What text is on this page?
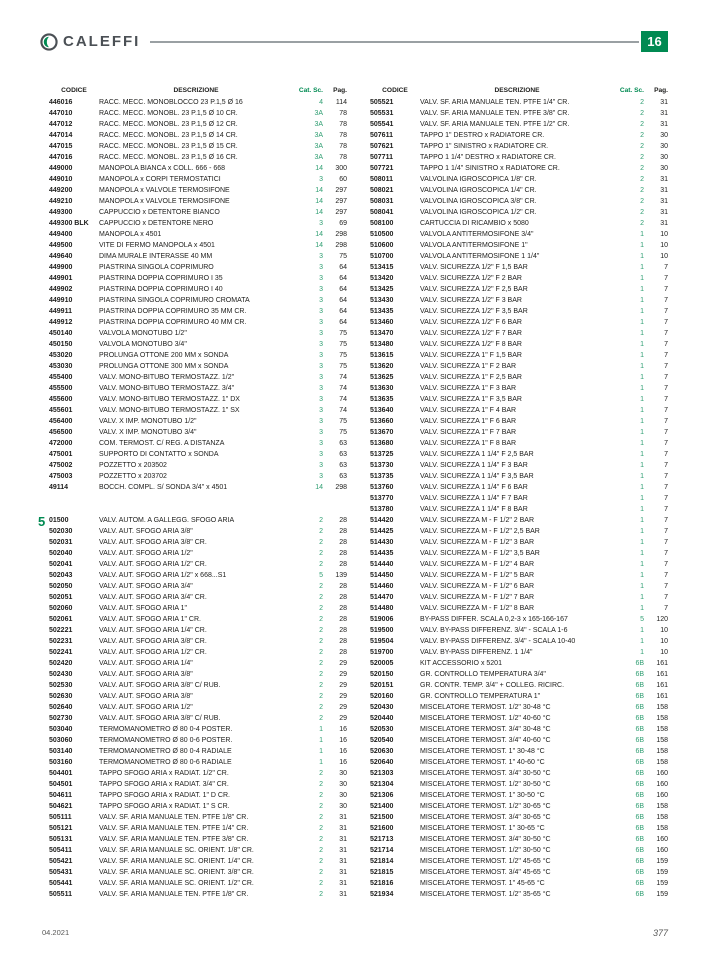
CALEFFI	16
CODICE	DESCRIZIONE	Cat. Sc.	Pag.
446016	RACC. MECC. MONOBLOCCO 23 P.1,5 Ø 16	4	114
447010	RACC. MECC. MONOBL. 23 P.1,5 Ø 10 CR.	3A	78
447012	RACC. MECC. MONOBL. 23 P.1,5 Ø 12 CR.	3A	78
447014	RACC. MECC. MONOBL. 23 P.1,5 Ø 14 CR.	3A	78
447015	RACC. MECC. MONOBL. 23 P.1,5 Ø 15 CR.	3A	78
447016	RACC. MECC. MONOBL. 23 P.1,5 Ø 16 CR.	3A	78
449000	MANOPOLA BIANCA x COLL. 666 - 668	14	300
449010	MANOPOLA x CORPI TERMOSTATICI	3	60
449200	MANOPOLA x VALVOLE TERMOSIFONE	14	297
449210	MANOPOLA x VALVOLE TERMOSIFONE	14	297
449300	CAPPUCCIO x DETENTORE BIANCO	14	297
449300 BLK	CAPPUCCIO x DETENTORE NERO	3	69
449400	MANOPOLA x 4501	14	298
449500	VITE DI FERMO MANOPOLA x 4501	14	298
449640	DIMA MURALE INTERASSE 40 MM	3	75
449900	PIASTRINA SINGOLA COPRIMURO	3	64
449901	PIASTRINA DOPPIA COPRIMURO I 35	3	64
449902	PIASTRINA DOPPIA COPRIMURO I 40	3	64
449910	PIASTRINA SINGOLA COPRIMURO CROMATA	3	64
449911	PIASTRINA DOPPIA COPRIMURO 35 MM CR.	3	64
449912	PIASTRINA DOPPIA COPRIMURO 40 MM CR.	3	64
450140	VALVOLA MONOTUBO 1/2"	3	75
450150	VALVOLA MONOTUBO 3/4"	3	75
453020	PROLUNGA OTTONE 200 MM x SONDA	3	75
453030	PROLUNGA OTTONE 300 MM x SONDA	3	75
455400	VALV. MONO-BITUBO TERMOSTAZZ. 1/2"	3	74
455500	VALV. MONO-BITUBO TERMOSTAZZ. 3/4"	3	74
455600	VALV. MONO-BITUBO TERMOSTAZZ. 1" DX	3	74
455601	VALV. MONO-BITUBO TERMOSTAZZ. 1" SX	3	74
456400	VALV. X IMP. MONOTUBO 1/2"	3	75
456500	VALV. X IMP. MONOTUBO 3/4"	3	75
472000	COM. TERMOST. C/ REG. A DISTANZA	3	63
475001	SUPPORTO DI CONTATTO x SONDA	3	63
475002	POZZETTO x 203502	3	63
475003	POZZETTO x 203702	3	63
49114	BOCCH. COMPL. S/ SONDA 3/4" x 4501	14	298
5 01500	VALV. AUTOM. A GALLEGG. SFOGO ARIA	2	28
502030	VALV. AUT. SFOGO ARIA 3/8"	2	28
502031	VALV. AUT. SFOGO ARIA 3/8" CR.	2	28
502040	VALV. AUT. SFOGO ARIA 1/2"	2	28
502041	VALV. AUT. SFOGO ARIA 1/2" CR.	2	28
502043	VALV. AUT. SFOGO ARIA 1/2" x 668...S1	5	139
502050	VALV. AUT. SFOGO ARIA 3/4"	2	28
502051	VALV. AUT. SFOGO ARIA 3/4" CR.	2	28
502060	VALV. AUT. SFOGO ARIA 1"	2	28
502061	VALV. AUT. SFOGO ARIA 1" CR.	2	28
502221	VALV. AUT. SFOGO ARIA 1/4" CR.	2	28
502231	VALV. AUT. SFOGO ARIA 3/8" CR.	2	28
502241	VALV. AUT. SFOGO ARIA 1/2" CR.	2	28
502420	VALV. AUT. SFOGO ARIA 1/4"	2	29
502430	VALV. AUT. SFOGO ARIA 3/8"	2	29
502530	VALV. AUT. SFOGO ARIA 3/8" C/ RUB.	2	29
502630	VALV. AUT. SFOGO ARIA 3/8"	2	29
502640	VALV. AUT. SFOGO ARIA 1/2"	2	29
502730	VALV. AUT. SFOGO ARIA 3/8" C/ RUB.	2	29
503040	TERMOMANOMETRO Ø 80 0-4 POSTER.	1	16
503060	TERMOMANOMETRO Ø 80 0-6 POSTER.	1	16
503140	TERMOMANOMETRO Ø 80 0-4 RADIALE	1	16
503160	TERMOMANOMETRO Ø 80 0-6 RADIALE	1	16
504401	TAPPO SFOGO ARIA x RADIAT. 1/2" CR.	2	30
504501	TAPPO SFOGO ARIA x RADIAT. 3/4" CR.	2	30
504611	TAPPO SFOGO ARIA x RADIAT. 1" D CR.	2	30
504621	TAPPO SFOGO ARIA x RADIAT. 1" S CR.	2	30
505111	VALV. SF. ARIA MANUALE TEN. PTFE 1/8" CR.	2	31
505121	VALV. SF. ARIA MANUALE TEN. PTFE 1/4" CR.	2	31
505131	VALV. SF. ARIA MANUALE TEN. PTFE 3/8" CR.	2	31
505411	VALV. SF. ARIA MANUALE SC. ORIENT. 1/8" CR.	2	31
505421	VALV. SF. ARIA MANUALE SC. ORIENT. 1/4" CR.	2	31
505431	VALV. SF. ARIA MANUALE SC. ORIENT. 3/8" CR.	2	31
505441	VALV. SF. ARIA MANUALE SC. ORIENT. 1/2" CR.	2	31
505511	VALV. SF. ARIA MANUALE TEN. PTFE 1/8" CR.	2	31
CODICE	DESCRIZIONE	Cat. Sc.	Pag.
505521	VALV. SF. ARIA MANUALE TEN. PTFE 1/4" CR.	2	31
505531	VALV. SF. ARIA MANUALE TEN. PTFE 3/8" CR.	2	31
505541	VALV. SF. ARIA MANUALE TEN. PTFE 1/2" CR.	2	31
507611	TAPPO 1" DESTRO x RADIATORE CR.	2	30
507621	TAPPO 1" SINISTRO x RADIATORE CR.	2	30
507711	TAPPO 1 1/4" DESTRO x RADIATORE CR.	2	30
507721	TAPPO 1 1/4" SINISTRO x RADIATORE CR.	2	30
508011	VALVOLINA IGROSCOPICA 1/8" CR.	2	31
508021	VALVOLINA IGROSCOPICA 1/4" CR.	2	31
508031	VALVOLINA IGROSCOPICA 3/8" CR.	2	31
508041	VALVOLINA IGROSCOPICA 1/2" CR.	2	31
508100	CARTUCCIA DI RICAMBIO x 5080	2	31
510500	VALVOLA ANTITERMOSIFONE 3/4"	1	10
510600	VALVOLA ANTITERMOSIFONE 1"	1	10
510700	VALVOLA ANTITERMOSIFONE 1 1/4"	1	10
513415	VALV. SICUREZZA 1/2" F 1,5 BAR	1	7
513420	VALV. SICUREZZA 1/2" F 2 BAR	1	7
513425	VALV. SICUREZZA 1/2" F 2,5 BAR	1	7
513430	VALV. SICUREZZA 1/2" F 3 BAR	1	7
513435	VALV. SICUREZZA 1/2" F 3,5 BAR	1	7
513460	VALV. SICUREZZA 1/2" F 6 BAR	1	7
513470	VALV. SICUREZZA 1/2" F 7 BAR	1	7
513480	VALV. SICUREZZA 1/2" F 8 BAR	1	7
513615	VALV. SICUREZZA 1" F 1,5 BAR	1	7
513620	VALV. SICUREZZA 1" F 2 BAR	1	7
513625	VALV. SICUREZZA 1" F 2,5 BAR	1	7
513630	VALV. SICUREZZA 1" F 3 BAR	1	7
513635	VALV. SICUREZZA 1" F 3,5 BAR	1	7
513640	VALV. SICUREZZA 1" F 4 BAR	1	7
513660	VALV. SICUREZZA 1" F 6 BAR	1	7
513670	VALV. SICUREZZA 1" F 7 BAR	1	7
513680	VALV. SICUREZZA 1" F 8 BAR	1	7
513725	VALV. SICUREZZA 1 1/4" F 2,5 BAR	1	7
513730	VALV. SICUREZZA 1 1/4" F 3 BAR	1	7
513735	VALV. SICUREZZA 1 1/4" F 3,5 BAR	1	7
513760	VALV. SICUREZZA 1 1/4" F 6 BAR	1	7
513770	VALV. SICUREZZA 1 1/4" F 7 BAR	1	7
513780	VALV. SICUREZZA 1 1/4" F 8 BAR	1	7
514420	VALV. SICUREZZA M - F 1/2" 2 BAR	1	7
514425	VALV. SICUREZZA M - F 1/2" 2,5 BAR	1	7
514430	VALV. SICUREZZA M - F 1/2" 3 BAR	1	7
514435	VALV. SICUREZZA M - F 1/2" 3,5 BAR	1	7
514440	VALV. SICUREZZA M - F 1/2" 4 BAR	1	7
514450	VALV. SICUREZZA M - F 1/2" 5 BAR	1	7
514460	VALV. SICUREZZA M - F 1/2" 6 BAR	1	7
514470	VALV. SICUREZZA M - F 1/2" 7 BAR	1	7
514480	VALV. SICUREZZA M - F 1/2" 8 BAR	1	7
519006	BY-PASS DIFFER. SCALA 0,2-3 x 165-166-167	5	120
519500	VALV. BY-PASS DIFFERENZ. 3/4" - SCALA 1-6	1	10
519504	VALV. BY-PASS DIFFERENZ. 3/4" - SCALA 10-40	1	10
519700	VALV. BY-PASS DIFFERENZ. 1 1/4"	1	10
520005	KIT ACCESSORIO x 5201	6B	161
520150	GR. CONTROLLO TEMPERATURA 3/4"	6B	161
520151	GR. CONTR. TEMP. 3/4" + COLLEG. RICIRC.	6B	161
520160	GR. CONTROLLO TEMPERATURA 1"	6B	161
520430	MISCELATORE TERMOST. 1/2" 30-48 °C	6B	158
520440	MISCELATORE TERMOST. 1/2" 40-60 °C	6B	158
520530	MISCELATORE TERMOST. 3/4" 30-48 °C	6B	158
520540	MISCELATORE TERMOST. 3/4" 40-60 °C	6B	158
520630	MISCELATORE TERMOST. 1" 30-48 °C	6B	158
520640	MISCELATORE TERMOST. 1" 40-60 °C	6B	158
521303	MISCELATORE TERMOST. 3/4" 30-50 °C	6B	160
521304	MISCELATORE TERMOST. 1/2" 30-50 °C	6B	160
521306	MISCELATORE TERMOST. 1" 30-50 °C	6B	160
521400	MISCELATORE TERMOST. 1/2" 30-65 °C	6B	158
521500	MISCELATORE TERMOST. 3/4" 30-65 °C	6B	158
521600	MISCELATORE TERMOST. 1" 30-65 °C	6B	158
521713	MISCELATORE TERMOST. 3/4" 30-50 °C	6B	160
521714	MISCELATORE TERMOST. 1/2" 30-50 °C	6B	160
521814	MISCELATORE TERMOST. 1/2" 45-65 °C	6B	159
521815	MISCELATORE TERMOST. 3/4" 45-65 °C	6B	159
521816	MISCELATORE TERMOST. 1" 45-65 °C	6B	159
521934	MISCELATORE TERMOST. 1/2" 35-65 °C	6B	159
04.2021	377
